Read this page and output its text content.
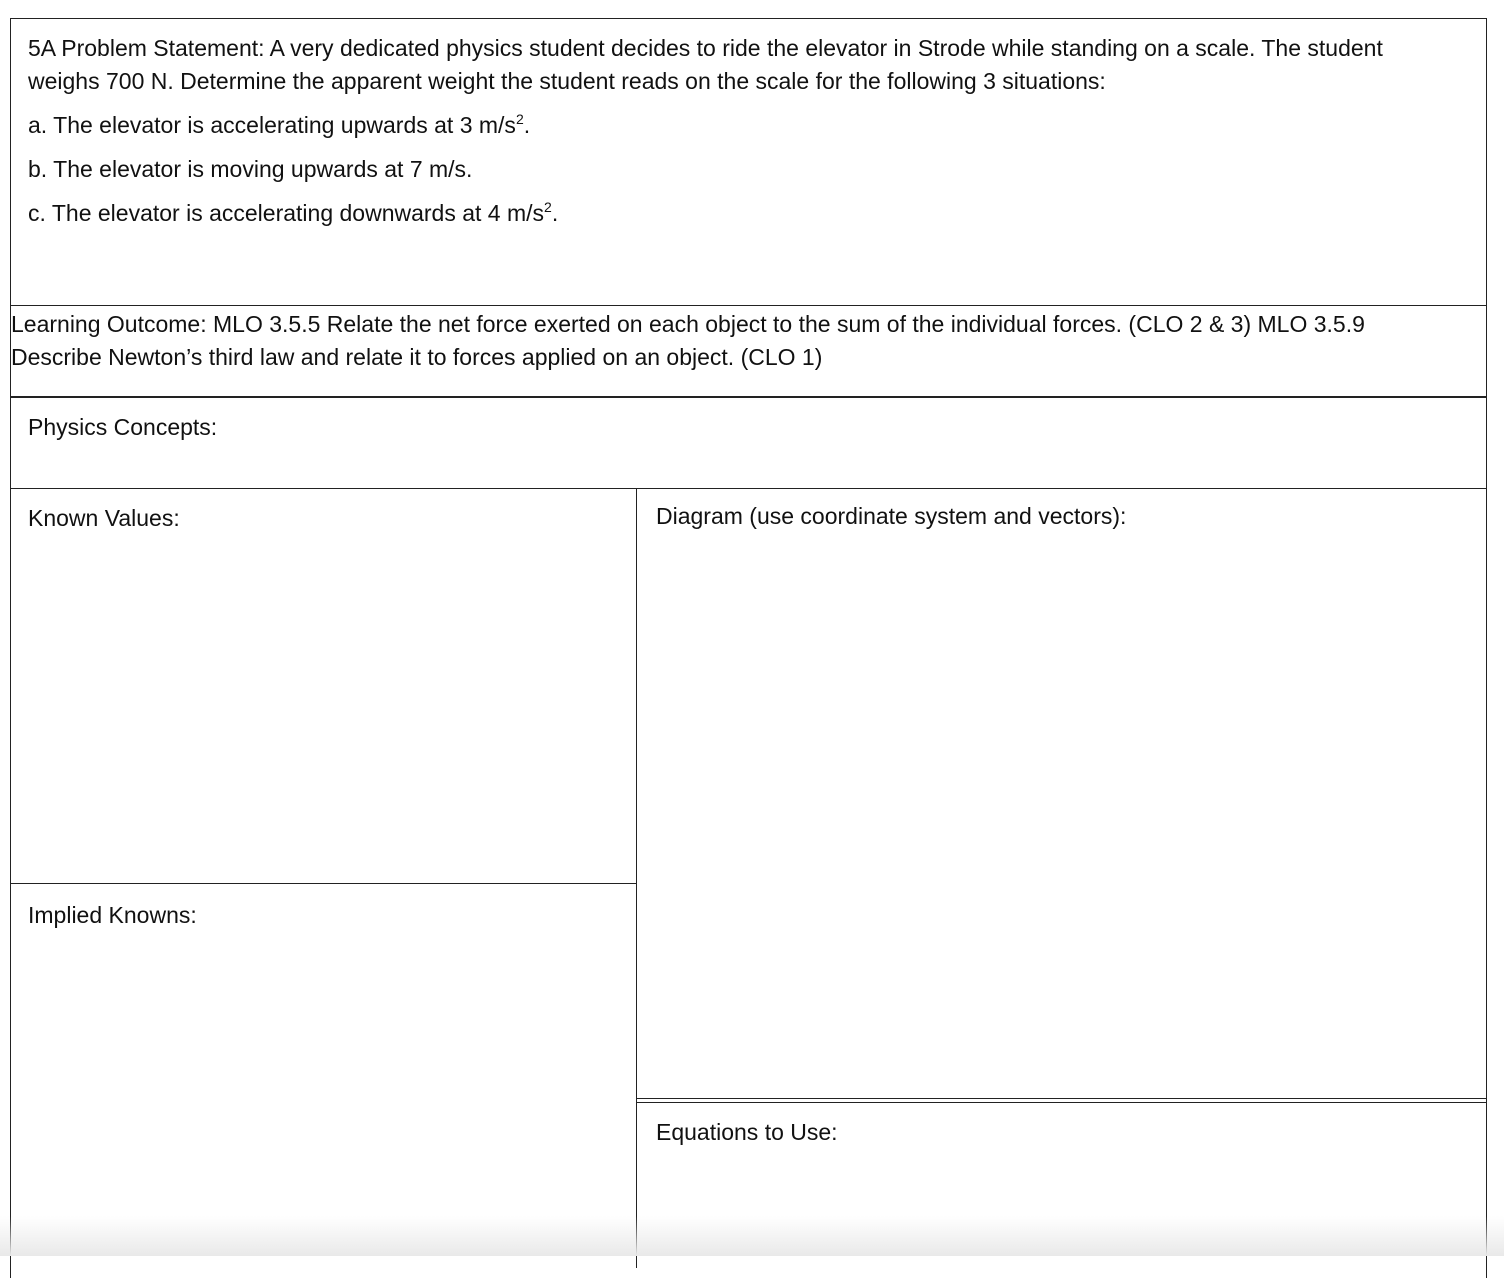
5A Problem Statement: A very dedicated physics student decides to ride the elevator in Strode while standing on a scale. The student

weighs 700 N. Determine the apparent weight the student reads on the scale for the following 3 situations:

a. The elevator is accelerating upwards at 3 $m/s^2$.
b. The elevator is moving upwards at 7 m/s.
c. The elevator is accelerating downwards at 4 $m/s^2$.
Learning Outcome: MLO 3.5.5 Relate the net force exerted on each object to the sum of the individual forces. (CLO 2 & 3) MLO 3.5.9
Describe Newton’s third law and relate it to forces applied on an object. (CLO 1)
Physics Concepts:
Known Values:	Diagram (use coordinate system and vectors):
Implied Knowns:
Equations to Use:
